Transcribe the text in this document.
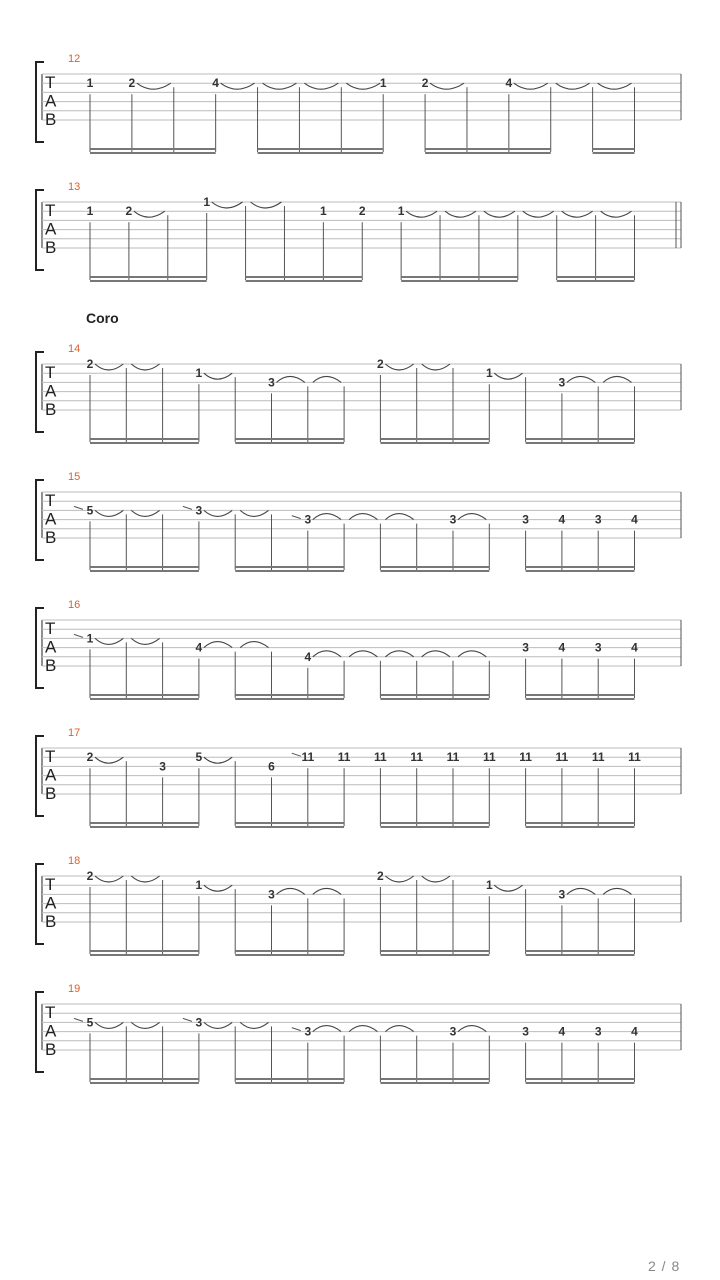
12
T
A
B
1	2	4	1	2	4
13
T
A
B
1	2
1
1	2	1
Coro
14
T
A
B
2
1
3
2
1
3
15
T
A
B
5	3
3	3	3 4 3 4
16
T
A
B
1
4
4
3 4 3 4
17
T
A
B
2
3
5
6
11 11 11 11 11 11 11 11 11 11
18
T
A
B
2
1
3
2
1
3
19
T
A
B
5	3
3	3	3 4 3 4
2 / 8
